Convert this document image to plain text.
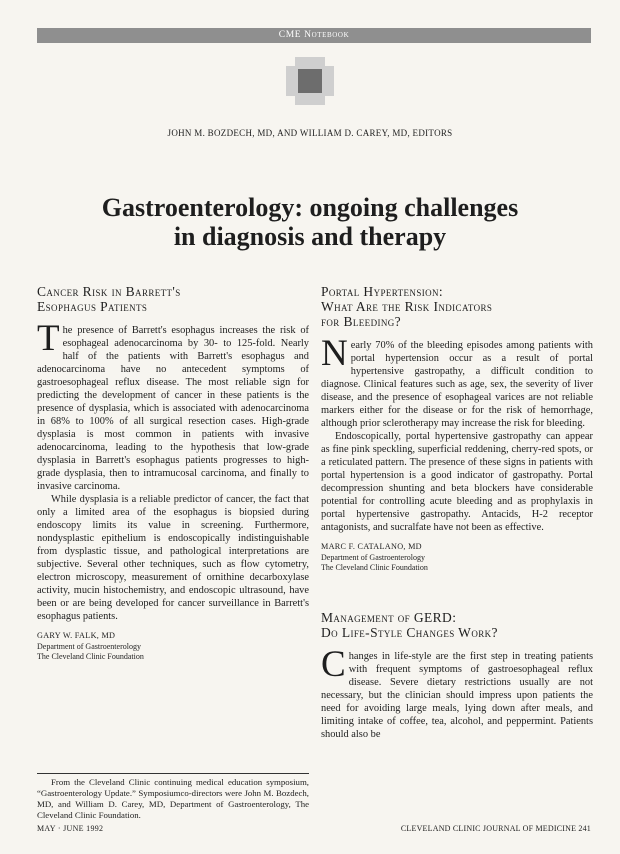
CME Notebook
JOHN M. BOZDECH, MD, AND WILLIAM D. CAREY, MD, EDITORS
Gastroenterology: ongoing challenges
in diagnosis and therapy
Cancer Risk in Barrett's
Esophagus Patients

The presence of Barrett's esophagus increases the risk of esophageal adenocarcinoma by 30- to 125-fold. Nearly half of the patients with Barrett's esophagus and adenocarcinoma have no antecedent symptoms of gastroesophageal reflux disease. The most reliable sign for predicting the development of cancer in these patients is the presence of dysplasia, which is associated with adenocarcinoma in 68% to 100% of all surgical resection cases. High-grade dysplasia is most common in patients with invasive adenocarcinoma, leading to the hypothesis that low-grade dysplasia in Barrett's esophagus patients progresses to high-grade dysplasia, then to intramucosal carcinoma, and finally to invasive carcinoma.

While dysplasia is a reliable predictor of cancer, the fact that only a limited area of the esophagus is biopsied during endoscopy limits its value in screening. Furthermore, nondysplastic epithelium is endoscopically indistinguishable from dysplastic tissue, and pathological interpretations are subjective. Several other techniques, such as flow cytometry, electron microscopy, measurement of ornithine decarboxylase activity, mucin histochemistry, and endoscopic ultrasound, have been or are being developed for cancer surveillance in Barrett's esophagus patients.

GARY W. FALK, MD
Department of Gastroenterology
The Cleveland Clinic Foundation
Portal Hypertension:
What Are the Risk Indicators
for Bleeding?

Nearly 70% of the bleeding episodes among patients with portal hypertension occur as a result of portal hypertensive gastropathy, a difficult condition to diagnose. Clinical features such as age, sex, the severity of liver disease, and the presence of esophageal varices are not reliable markers either for the disease or for the risk of hemorrhage, although prior sclerotherapy may increase the risk for bleeding.

Endoscopically, portal hypertensive gastropathy can appear as fine pink speckling, superficial reddening, cherry-red spots, or a reticulated pattern. The presence of these signs in patients with portal hypertension is a good indicator of gastropathy. Portal decompression shunting and beta blockers have considerable potential for controlling acute bleeding and as prophylaxis in portal hypertensive gastropathy. Antacids, H-2 receptor antagonists, and sucralfate have not been as effective.

MARC F. CATALANO, MD
Department of Gastroenterology
The Cleveland Clinic Foundation
Management of GERD:
Do Life-Style Changes Work?

Changes in life-style are the first step in treating patients with frequent symptoms of gastroesophageal reflux disease. Severe dietary restrictions usually are not necessary, but the clinician should impress upon patients the need for avoiding large meals, lying down after meals, and limiting intake of coffee, tea, alcohol, and peppermint. Patients should also be

From the Cleveland Clinic continuing medical education symposium, “Gastroenterology Update.” Symposiumco-directors were John M. Bozdech, MD, and William D. Carey, MD, Department of Gastroenterology, The Cleveland Clinic Foundation.
MAY · JUNE 1992	CLEVELAND CLINIC JOURNAL OF MEDICINE 241
